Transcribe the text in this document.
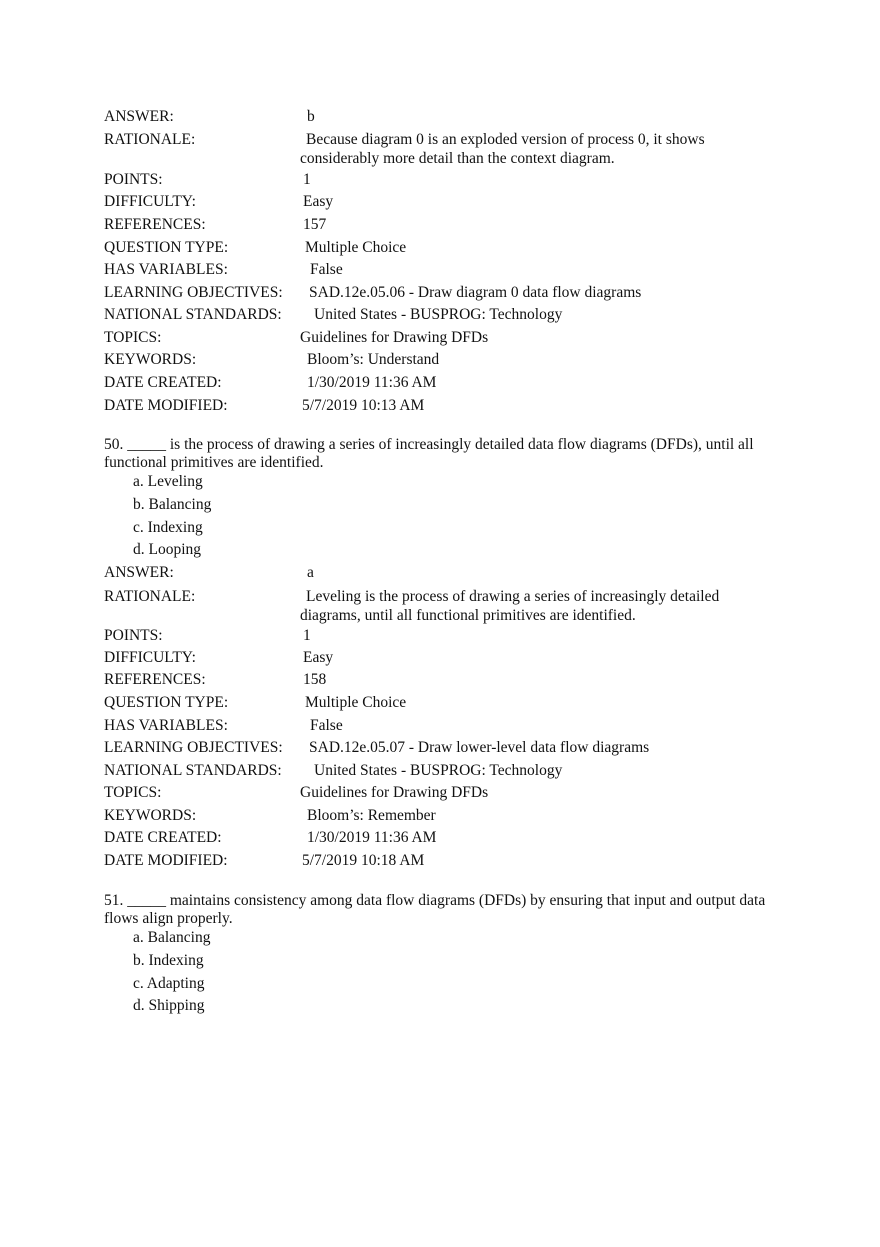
ANSWER:	b
RATIONALE:	Because diagram 0 is an exploded version of process 0, it shows considerably more detail than the context diagram.
POINTS:	1
DIFFICULTY:	Easy
REFERENCES:	157
QUESTION TYPE:	Multiple Choice
HAS VARIABLES:	False
LEARNING OBJECTIVES: SAD.12e.05.06 - Draw diagram 0 data flow diagrams
NATIONAL STANDARDS: United States - BUSPROG: Technology
TOPICS:	Guidelines for Drawing DFDs
KEYWORDS:	Bloom’s: Understand
DATE CREATED:	1/30/2019 11:36 AM
DATE MODIFIED:	5/7/2019 10:13 AM
50. _____ is the process of drawing a series of increasingly detailed data flow diagrams (DFDs), until all functional primitives are identified.
a. Leveling
b. Balancing
c. Indexing
d. Looping
ANSWER:	a
RATIONALE:	Leveling is the process of drawing a series of increasingly detailed diagrams, until all functional primitives are identified.
POINTS:	1
DIFFICULTY:	Easy
REFERENCES:	158
QUESTION TYPE:	Multiple Choice
HAS VARIABLES:	False
LEARNING OBJECTIVES: SAD.12e.05.07 - Draw lower-level data flow diagrams
NATIONAL STANDARDS: United States - BUSPROG: Technology
TOPICS:	Guidelines for Drawing DFDs
KEYWORDS:	Bloom’s: Remember
DATE CREATED:	1/30/2019 11:36 AM
DATE MODIFIED:	5/7/2019 10:18 AM
51. _____ maintains consistency among data flow diagrams (DFDs) by ensuring that input and output data flows align properly.
a. Balancing
b. Indexing
c. Adapting
d. Shipping
